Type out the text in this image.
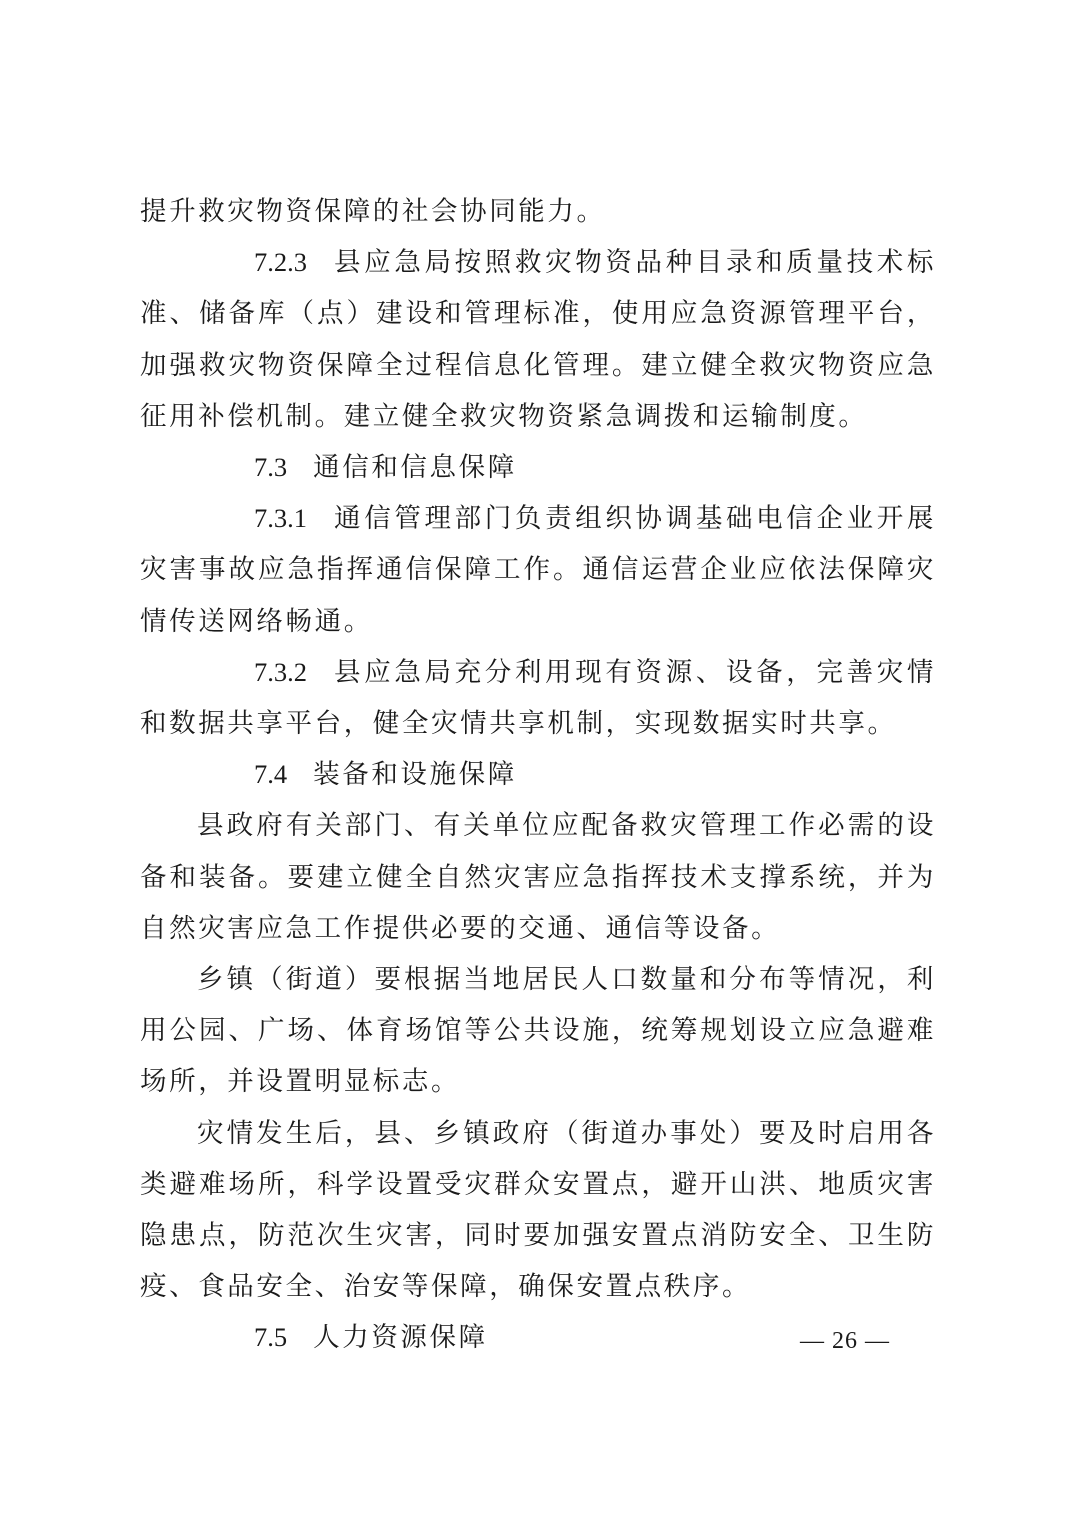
提升救灾物资保障的社会协同能力。

7.2.3 县应急局按照救灾物资品种目录和质量技术标准、储备库（点）建设和管理标准，使用应急资源管理平台，加强救灾物资保障全过程信息化管理。建立健全救灾物资应急征用补偿机制。建立健全救灾物资紧急调拨和运输制度。

7.3 通信和信息保障

7.3.1 通信管理部门负责组织协调基础电信企业开展灾害事故应急指挥通信保障工作。通信运营企业应依法保障灾情传送网络畅通。

7.3.2 县应急局充分利用现有资源、设备，完善灾情和数据共享平台，健全灾情共享机制，实现数据实时共享。

7.4 装备和设施保障

县政府有关部门、有关单位应配备救灾管理工作必需的设备和装备。要建立健全自然灾害应急指挥技术支撑系统，并为自然灾害应急工作提供必要的交通、通信等设备。

乡镇（街道）要根据当地居民人口数量和分布等情况，利用公园、广场、体育场馆等公共设施，统筹规划设立应急避难场所，并设置明显标志。

灾情发生后，县、乡镇政府（街道办事处）要及时启用各类避难场所，科学设置受灾群众安置点，避开山洪、地质灾害隐患点，防范次生灾害，同时要加强安置点消防安全、卫生防疫、食品安全、治安等保障，确保安置点秩序。

7.5 人力资源保障	— 26 —
